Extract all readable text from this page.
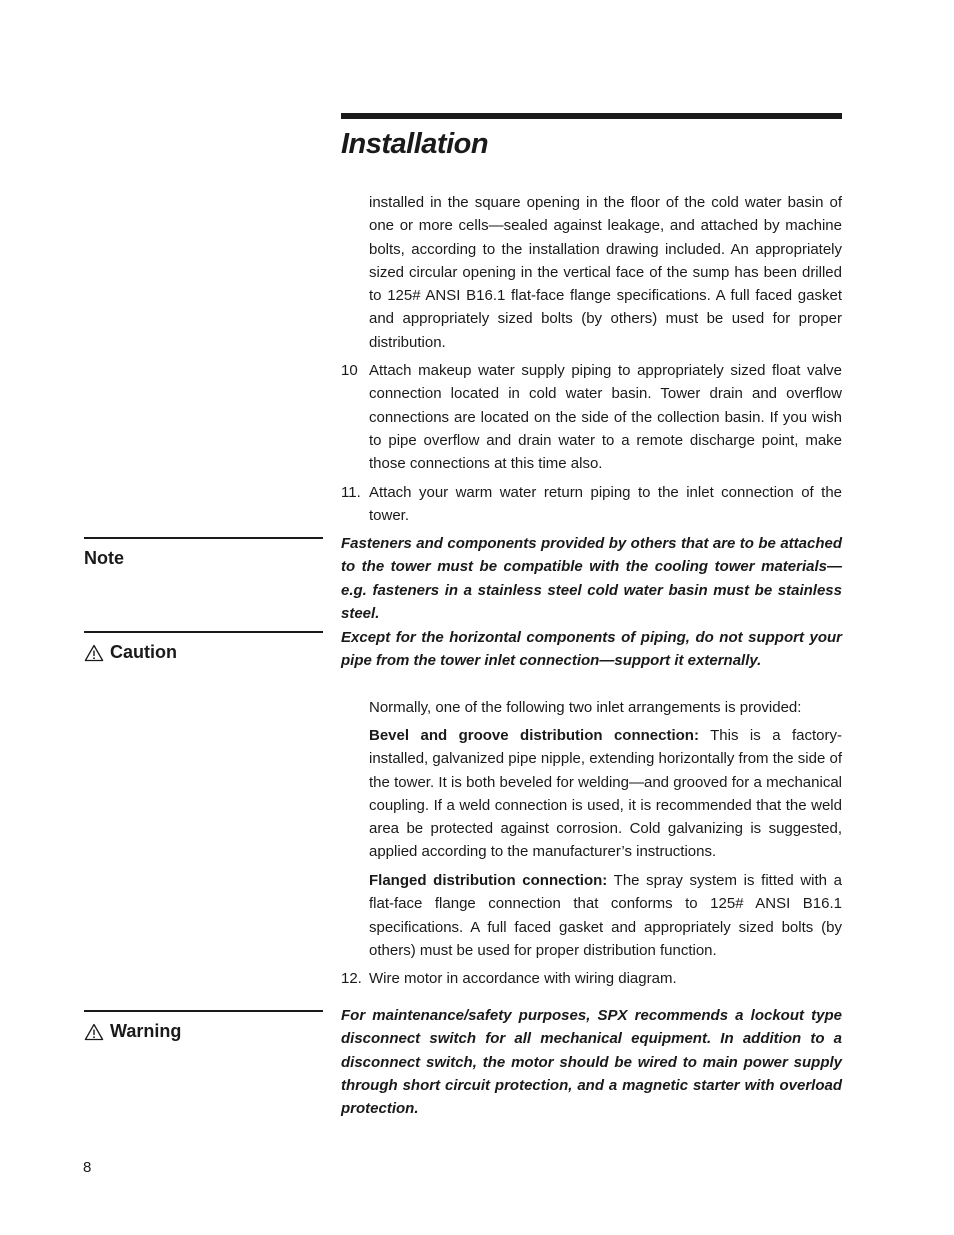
Installation

installed in the square opening in the floor of the cold water basin of one or more cells—sealed against leakage, and attached by machine bolts, according to the installation drawing included. An appropriately sized circular opening in the vertical face of the sump has been drilled to 125# ANSI B16.1 flat-face flange specifications. A full faced gasket and appropriately sized bolts (by others) must be used for proper distribution.

10 Attach makeup water supply piping to appropriately sized float valve connection located in cold water basin. Tower drain and overflow connections are located on the side of the collection basin. If you wish to pipe overflow and drain water to a remote discharge point, make those connections at this time also.

11. Attach your warm water return piping to the inlet connection of the tower.

Note

Fasteners and components provided by others that are to be attached to the tower must be compatible with the cooling tower materials—e.g. fasteners in a stainless steel cold water basin must be stainless steel.

Caution

Except for the horizontal components of piping, do not support your pipe from the tower inlet connection—support it externally.

Normally, one of the following two inlet arrangements is provided:

Bevel and groove distribution connection: This is a factory-installed, galvanized pipe nipple, extending horizontally from the side of the tower. It is both beveled for welding—and grooved for a mechanical coupling. If a weld connection is used, it is recommended that the weld area be protected against corrosion. Cold galvanizing is suggested, applied according to the manufacturer’s instructions.

Flanged distribution connection: The spray system is fitted with a flat-face flange connection that conforms to 125# ANSI B16.1 specifications. A full faced gasket and appropriately sized bolts (by others) must be used for proper distribution function.

12. Wire motor in accordance with wiring diagram.

Warning

For maintenance/safety purposes, SPX recommends a lockout type disconnect switch for all mechanical equipment. In addition to a disconnect switch, the motor should be wired to main power supply through short circuit protection, and a magnetic starter with overload protection.

8
